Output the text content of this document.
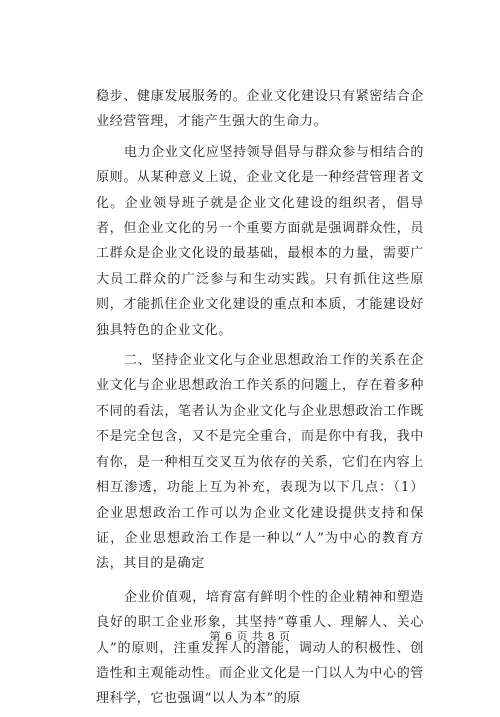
稳步、健康发展服务的。企业文化建设只有紧密结合企业经营管理，才能产生强大的生命力。

电力企业文化应坚持领导倡导与群众参与相结合的原则。从某种意义上说，企业文化是一种经营管理者文化。企业领导班子就是企业文化建设的组织者，倡导者，但企业文化的另一个重要方面就是强调群众性，员工群众是企业文化设的最基础，最根本的力量，需要广大员工群众的广泛参与和生动实践。只有抓住这些原则，才能抓住企业文化建设的重点和本质，才能建设好独具特色的企业文化。

二、坚持企业文化与企业思想政治工作的关系在企业文化与企业思想政治工作关系的问题上，存在着多种不同的看法，笔者认为企业文化与企业思想政治工作既不是完全包含，又不是完全重合，而是你中有我，我中有你，是一种相互交叉互为依存的关系，它们在内容上相互渗透，功能上互为补充，表现为以下几点：（1）企业思想政治工作可以为企业文化建设提供支持和保证，企业思想政治工作是一种以“人”为中心的教育方法，其目的是确定

企业价值观，培育富有鲜明个性的企业精神和塑造良好的职工企业形象，其坚持“尊重人、理解人、关心人”的原则，注重发挥人的潜能，调动人的积极性、创造性和主观能动性。而企业文化是一门以人为中心的管理科学，它也强调“以人为本”的原

第 6 页 共 8 页
